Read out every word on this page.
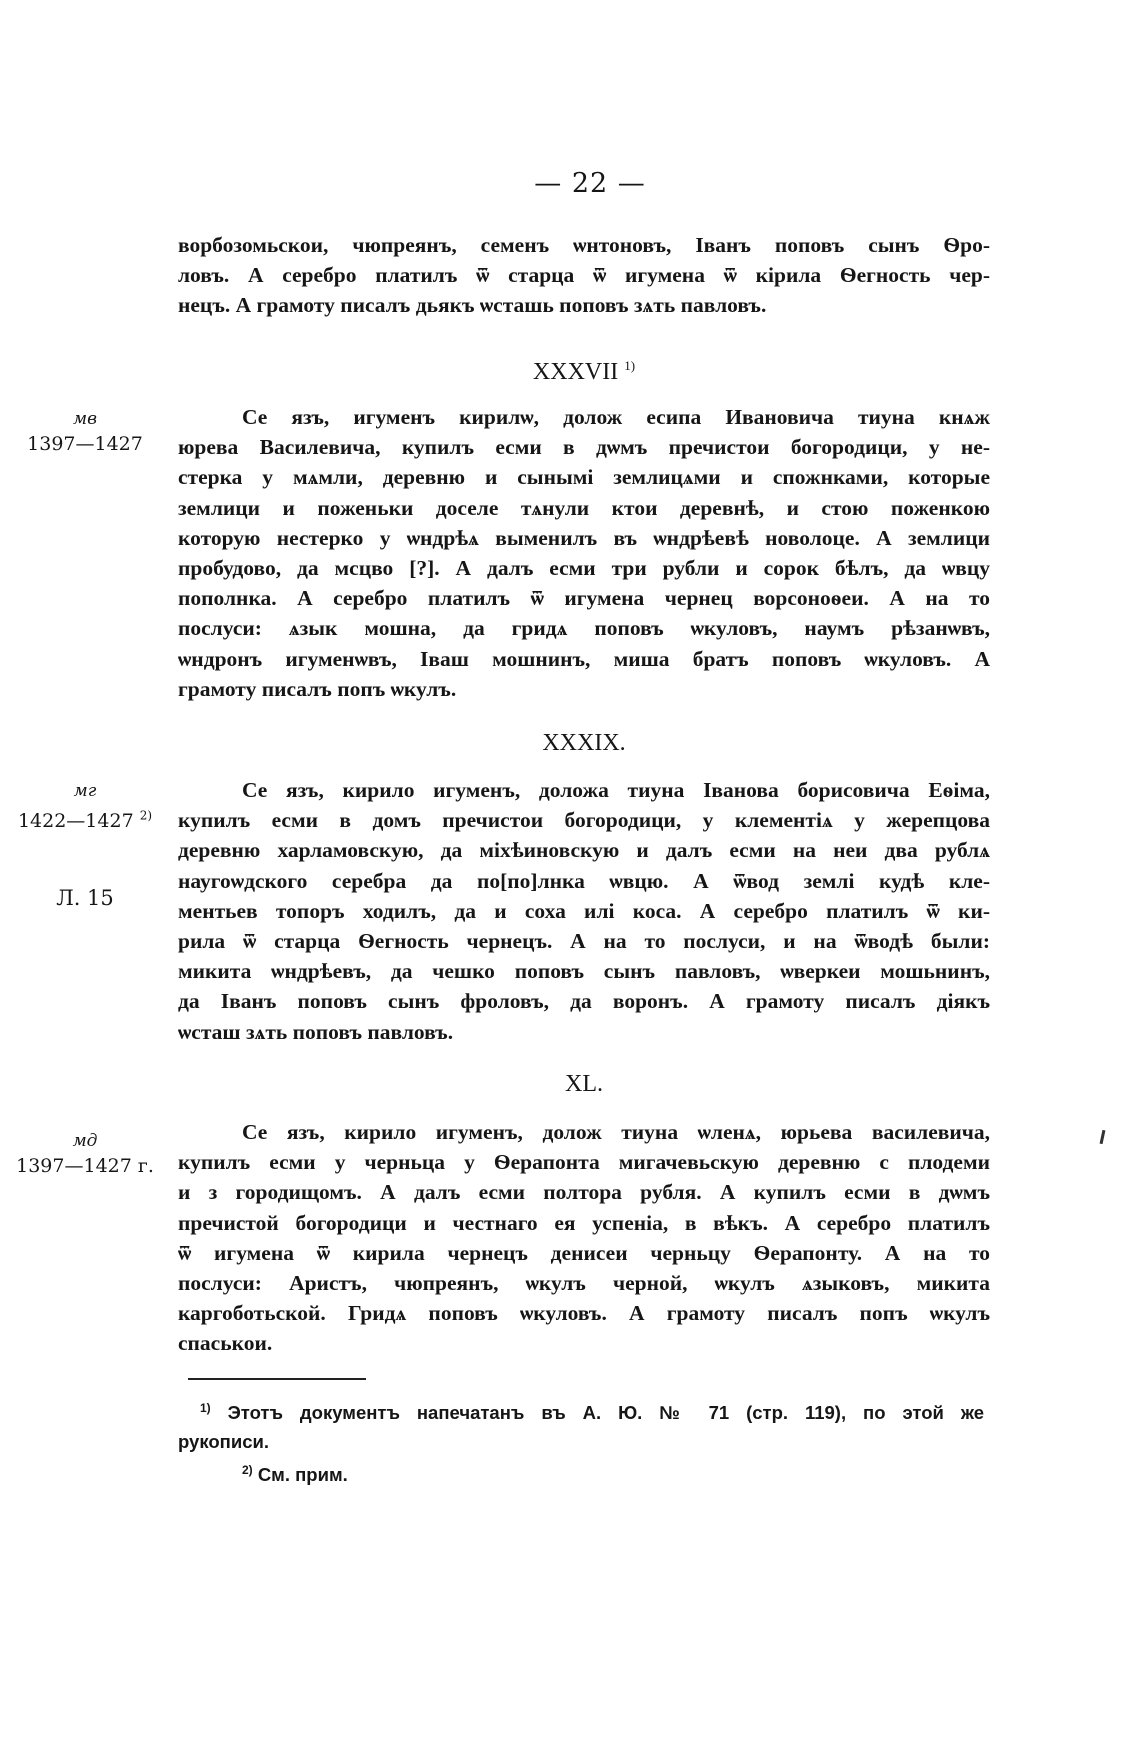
— 22 —
ворбозомьскои, чюпреянъ, семенъ ѡнтоновъ, Іванъ поповъ сынъ Ѳро-
ловъ. А серебро платилъ ѿ старца ѿ игумена ѿ кірила Ѳегность чер-
нецъ. А грамоту писалъ дьякъ ѡсташь поповъ зѧть павловъ.
XXXVII $^{1)}$
мв
1397—1427
Се язъ, игуменъ кирилѡ, долож есипа Ивановича тиуна кнѧж
юрева Василевича, купилъ есми в дѡмъ пречистои богородици, у не-
стерка у мѧмли, деревню и сынымі землицѧми и спожнками, которые
землици и поженьки доселе тѧнули ктои деревнѣ, и стою поженкою
которую нестерко у ѡндрѣѧ выменилъ въ ѡндрѣевѣ новолоце. А землици
пробудово, да мсцво [?]. А далъ есми три рубли и сорок бѣлъ, да ѡвцу
пополнка. А серебро платилъ ѿ игумена чернец ворсоноѳеи. А на то
послуси: ѧзык мошна, да гридѧ поповъ ѡкуловъ, наумъ рѣзанѡвъ,
ѡндронъ игуменѡвъ, Іваш мошнинъ, миша братъ поповъ ѡкуловъ. А
грамоту писалъ попъ ѡкулъ.
XXXIX.
мг
1422—1427 $^{2)}$
Л. 15
Се язъ, кирило игуменъ, доложа тиуна Іванова борисовича Еѳіма,
купилъ есми в домъ пречистои богородици, у клементіѧ у жерепцова
деревню харламовскую, да міхѣиновскую и далъ есми на неи два рублѧ
наугоѡдского серебра да по[по]лнка ѡвцю. А ѿвод землі кудѣ кле-
ментьев топоръ ходилъ, да и соха илі коса. А серебро платилъ ѿ ки-
рила ѿ старца Ѳегность чернецъ. А на то послуси, и на ѿводѣ были:
микита ѡндрѣевъ, да чешко поповъ сынъ павловъ, ѡверкеи мошьнинъ,
да Іванъ поповъ сынъ фроловъ, да воронъ. А грамоту писалъ діякъ
ѡсташ зѧть поповъ павловъ.
XL.
мд
1397—1427 г.
Се язъ, кирило игуменъ, долож тиуна ѡленѧ, юрьева василевича,
купилъ есми у черньца у Ѳерапонта мигачевьскую деревню с плодеми
и з городищомъ. А далъ есми полтора рубля. А купилъ есми в дѡмъ
пречистой богородици и честнаго ея успеніа, в вѣкъ. А серебро платилъ
ѿ игумена ѿ кирила чернецъ денисеи черньцу Ѳерапонту. А на то
послуси: Аристъ, чюпреянъ, ѡкулъ черной, ѡкулъ ѧзыковъ, микита
каргоботьской. Гридѧ поповъ ѡкуловъ. А грамоту писалъ попъ ѡкулъ
спаськои.
$^{1)}$ Этотъ документъ напечатанъ въ А. Ю. № 71 (стр. 119), по этой же
рукописи.
$^{2)}$ См. прим.
